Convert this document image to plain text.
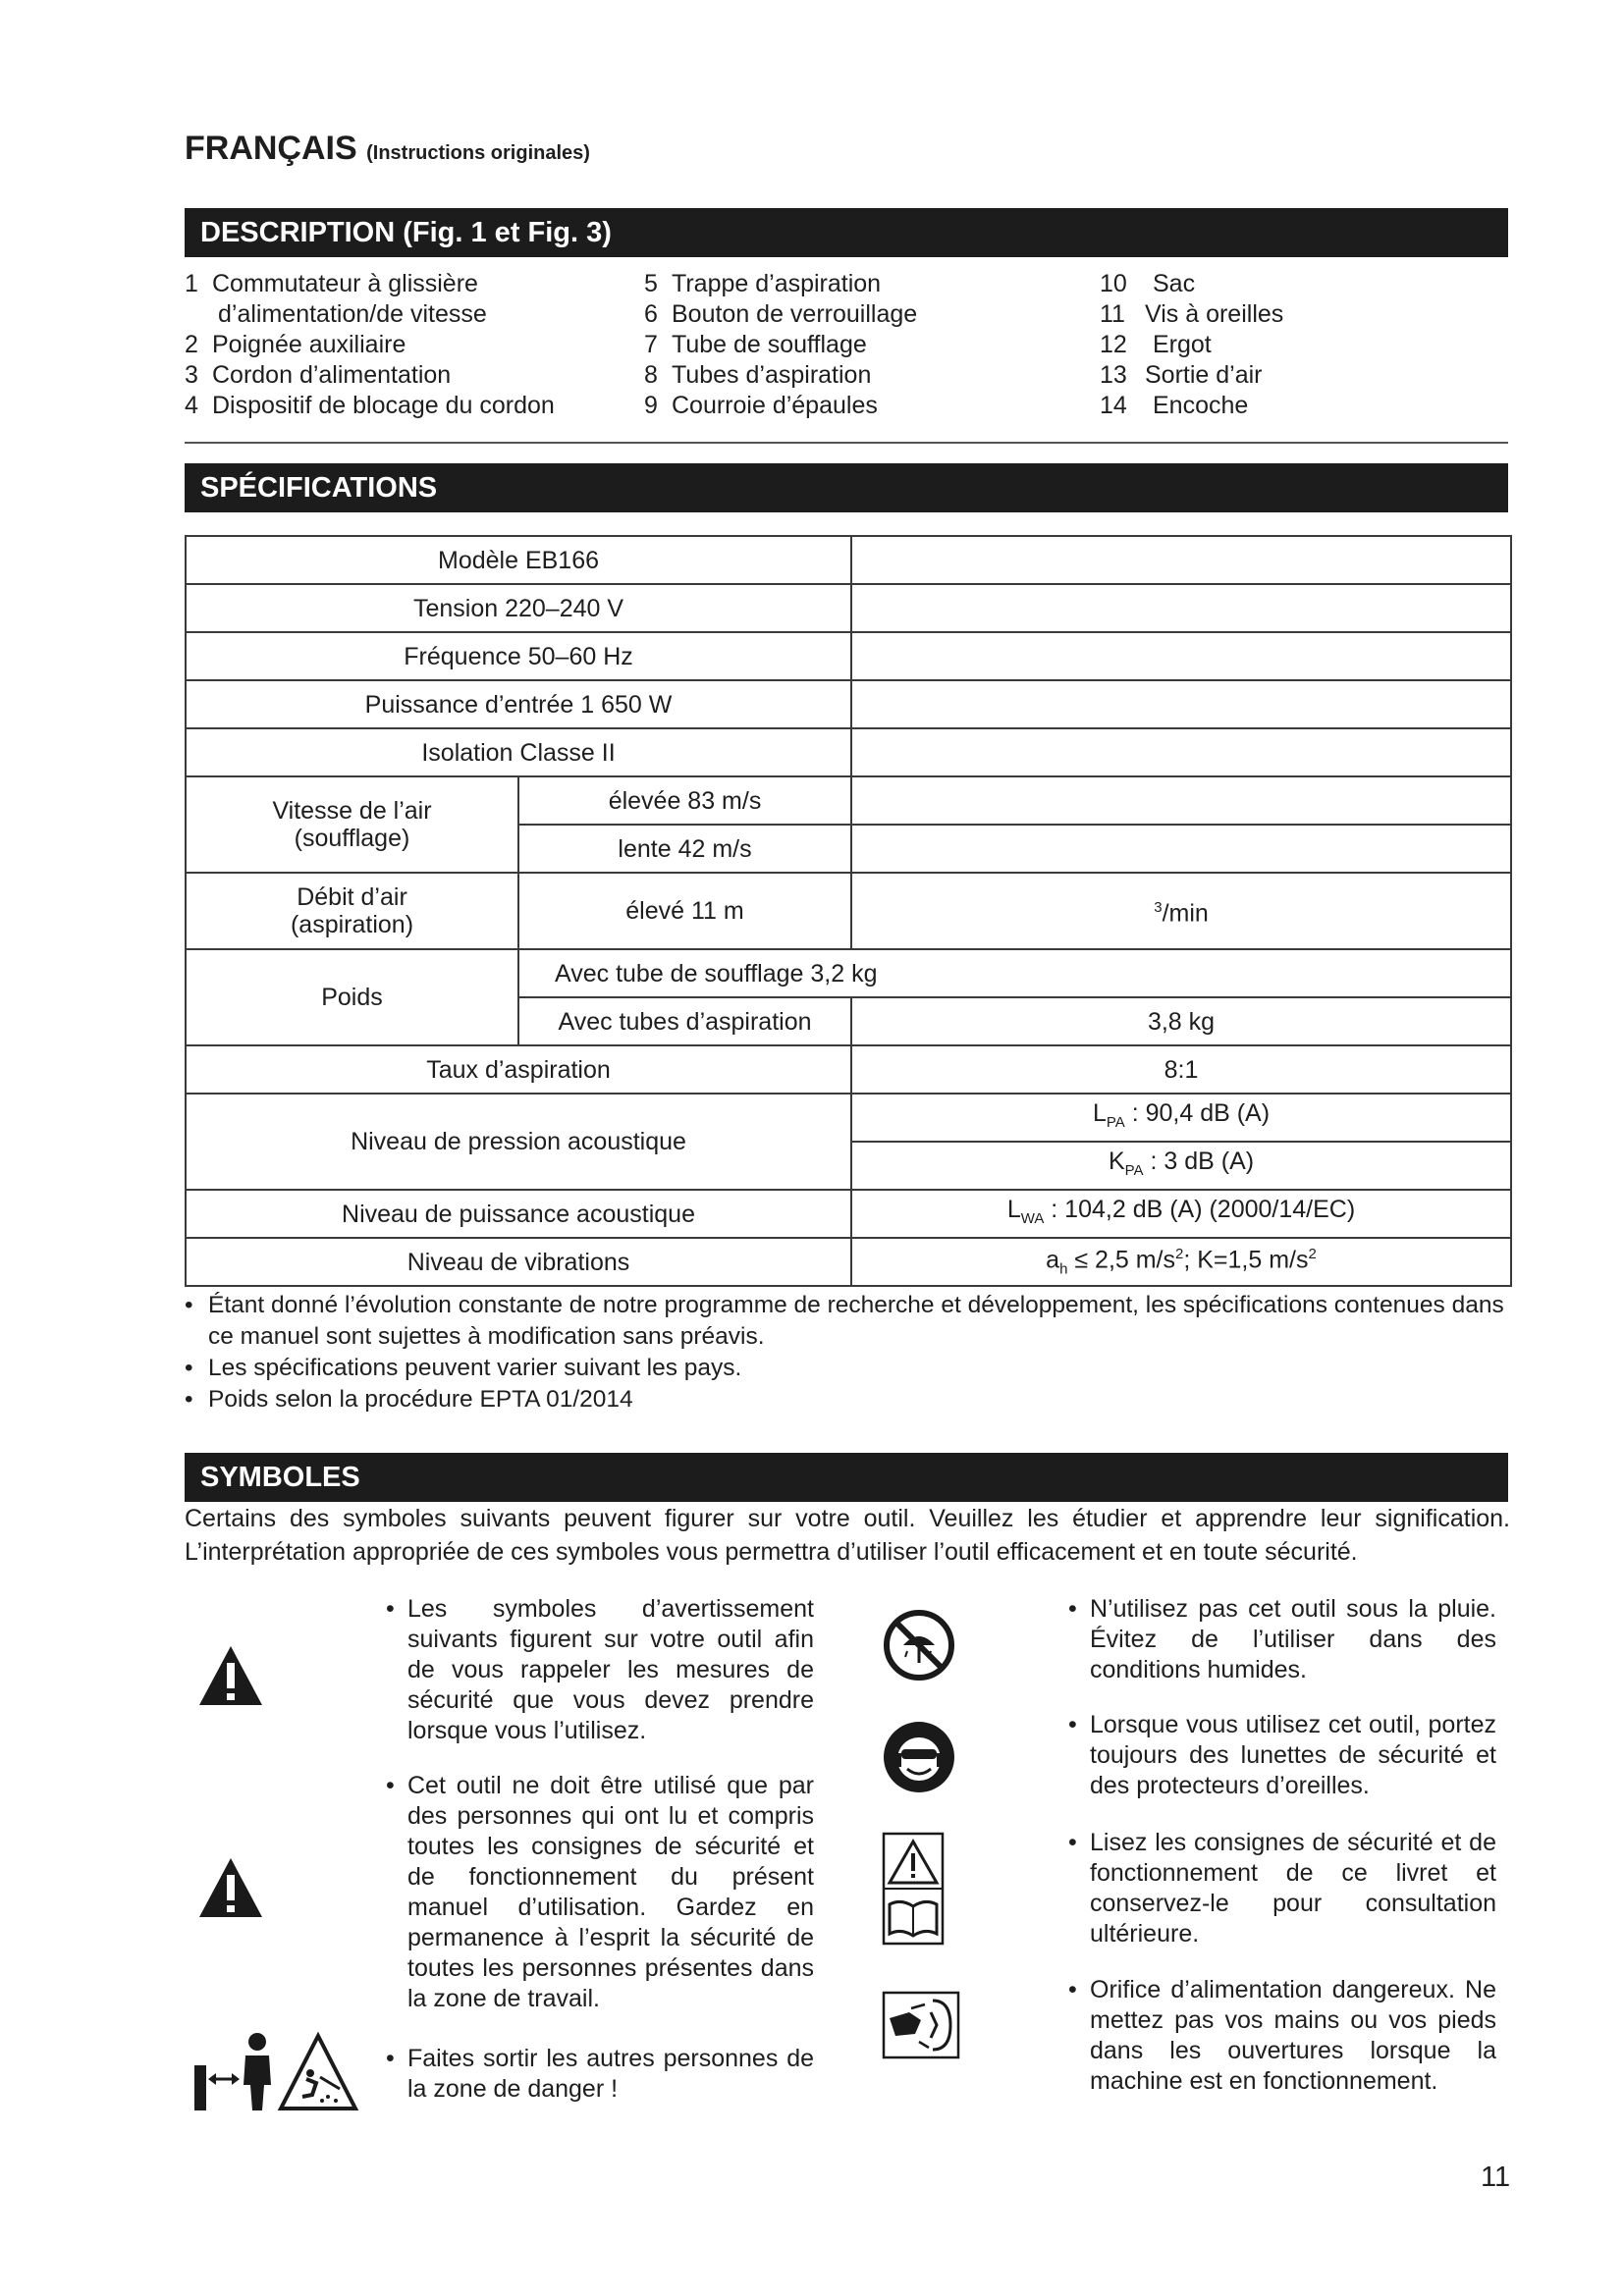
FRANÇAIS (Instructions originales)
DESCRIPTION (Fig. 1 et Fig. 3)
1 Commutateur à glissière
d’alimentation/de vitesse
2 Poignée auxiliaire
3 Cordon d’alimentation
4 Dispositif de blocage du cordon
5 Trappe d’aspiration
6 Bouton de verrouillage
7 Tube de soufflage
8 Tubes d’aspiration
9 Courroie d’épaules
10	Sac
11 Vis à oreilles
12	Ergot
13 Sortie d’air
14	Encoche
SPÉCIFICATIONS
Modèle EB166		
Tension 220–240 V		
Fréquence 50–60 Hz		
Puissance d’entrée 1 650 W		
Isolation Classe II		

Vitesse de l’air
(soufflage)	élevée 83 m/s	
	lente 42 m/s	

Débit d’air
(aspiration)	élevé 11 m	$^3$/min
Poids	Avec tube de soufflage 3,2 kg	
	Avec tubes d’aspiration	3,8 kg
Taux d’aspiration		8:1
Niveau de pression acoustique		$L_{PA}$ : 90,4 dB (A)
		$K_{PA}$ : 3 dB (A)
Niveau de puissance acoustique		$L_{WA}$ : 104,2 dB (A) (2000/14/EC)
Niveau de vibrations		$a_h \le 2,5$ $m/s^2$; K=1,5 $m/s^2$
• Étant donné l’évolution constante de notre programme de recherche et développement, les spécifications contenues dans ce manuel sont sujettes à modification sans préavis.
• Les spécifications peuvent varier suivant les pays.
• Poids selon la procédure EPTA 01/2014
SYMBOLES
Certains des symboles suivants peuvent figurer sur votre outil. Veuillez les étudier et apprendre leur signification. L’interprétation appropriée de ces symboles vous permettra d’utiliser l’outil efficacement et en toute sécurité.
• Les symboles d’avertissement suivants figurent sur votre outil afin de vous rappeler les mesures de sécurité que vous devez prendre lorsque vous l’utilisez.
• Cet outil ne doit être utilisé que par des personnes qui ont lu et compris toutes les consignes de sécurité et de fonctionnement du présent manuel d’utilisation. Gardez en permanence à l’esprit la sécurité de toutes les personnes présentes dans la zone de travail.
• Faites sortir les autres personnes de la zone de danger !
• N’utilisez pas cet outil sous la pluie. Évitez de l’utiliser dans des conditions humides.
• Lorsque vous utilisez cet outil, portez toujours des lunettes de sécurité et des protecteurs d’oreilles.
• Lisez les consignes de sécurité et de fonctionnement de ce livret et conservez-le pour consultation ultérieure.
• Orifice d’alimentation dangereux. Ne mettez pas vos mains ou vos pieds dans les ouvertures lorsque la machine est en fonctionnement.
11
